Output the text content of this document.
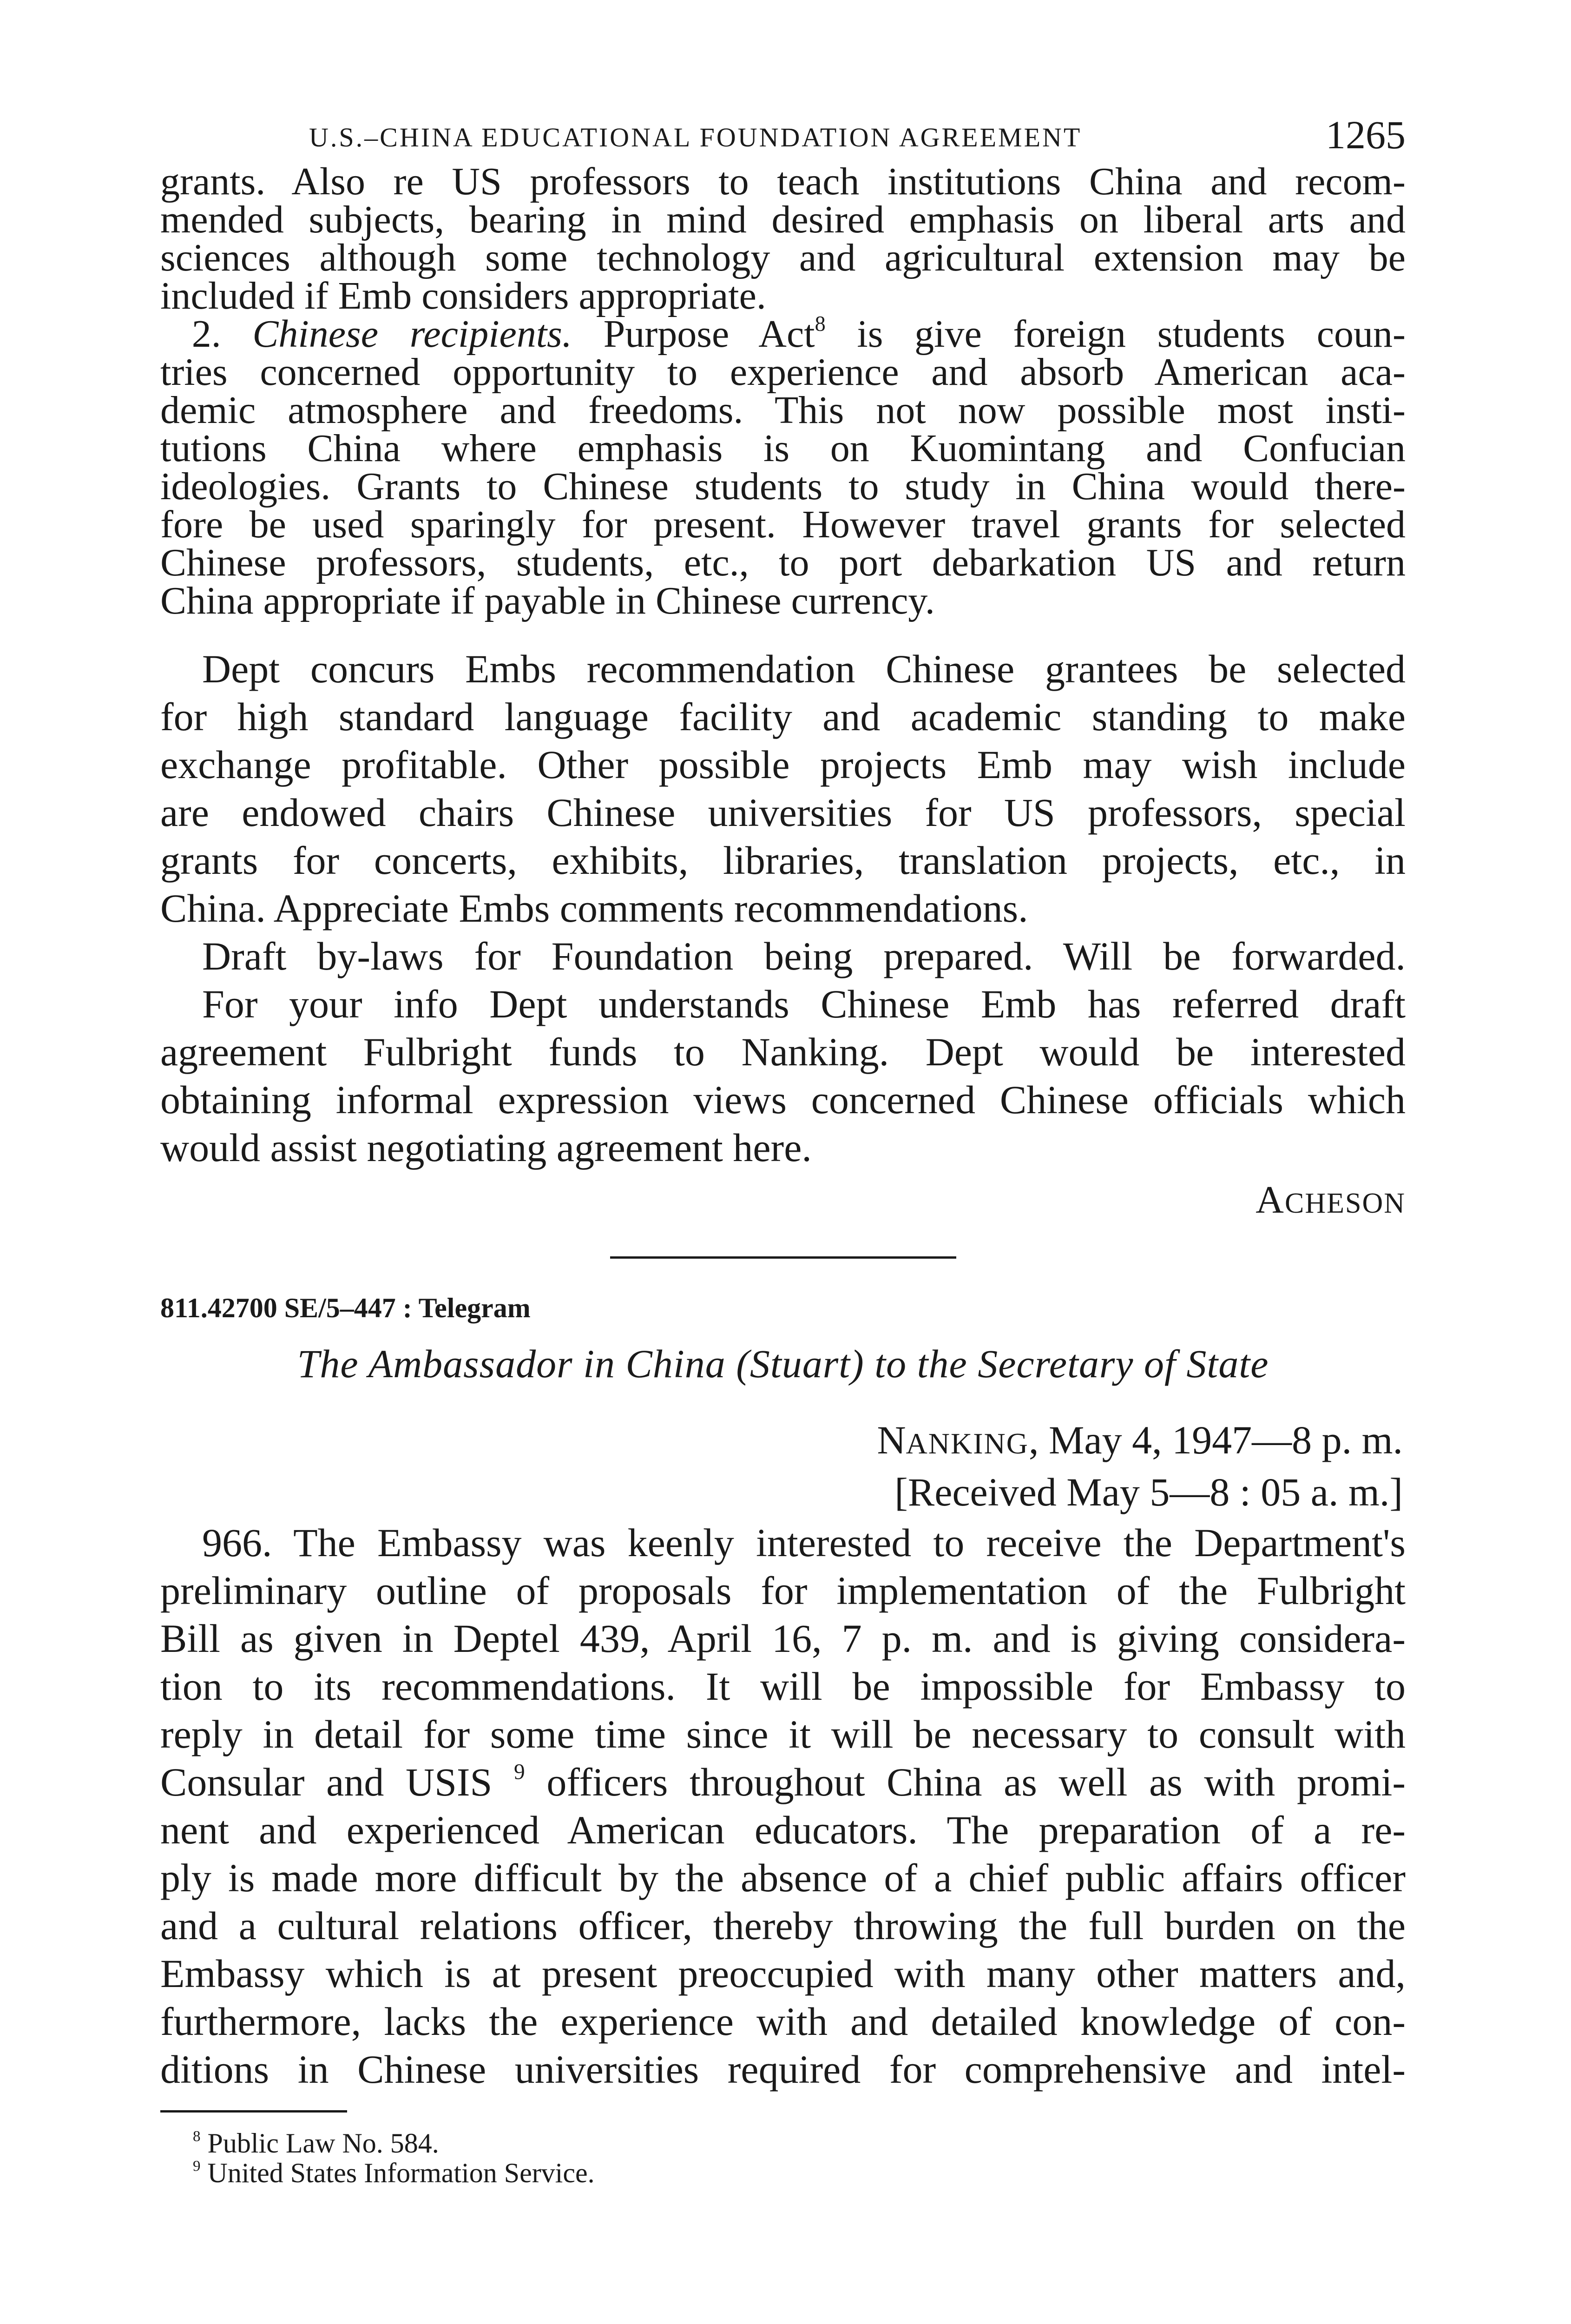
U.S.–CHINA EDUCATIONAL FOUNDATION AGREEMENT	1265
grants. Also re US professors to teach institutions China and recom-
mended subjects, bearing in mind desired emphasis on liberal arts and
sciences although some technology and agricultural extension may be
included if Emb considers appropriate.
2. Chinese recipients. Purpose Act$^8$ is give foreign students coun-
tries concerned opportunity to experience and absorb American aca-
demic atmosphere and freedoms. This not now possible most insti-
tutions China where emphasis is on Kuomintang and Confucian
ideologies. Grants to Chinese students to study in China would there-
fore be used sparingly for present. However travel grants for selected
Chinese professors, students, etc., to port debarkation US and return
China appropriate if payable in Chinese currency.
Dept concurs Embs recommendation Chinese grantees be selected
for high standard language facility and academic standing to make
exchange profitable. Other possible projects Emb may wish include
are endowed chairs Chinese universities for US professors, special
grants for concerts, exhibits, libraries, translation projects, etc., in
China. Appreciate Embs comments recommendations.
Draft by-laws for Foundation being prepared. Will be forwarded.
For your info Dept understands Chinese Emb has referred draft
agreement Fulbright funds to Nanking. Dept would be interested
obtaining informal expression views concerned Chinese officials which
would assist negotiating agreement here.
ACHESON
811.42700 SE/5–447 : Telegram
The Ambassador in China (Stuart) to the Secretary of State
NANKING, May 4, 1947—8 p. m.
[Received May 5—8 : 05 a. m.]
966. The Embassy was keenly interested to receive the Department's
preliminary outline of proposals for implementation of the Fulbright
Bill as given in Deptel 439, April 16, 7 p. m. and is giving considera-
tion to its recommendations. It will be impossible for Embassy to
reply in detail for some time since it will be necessary to consult with
Consular and USIS $^9$ officers throughout China as well as with promi-
nent and experienced American educators. The preparation of a re-
ply is made more difficult by the absence of a chief public affairs officer
and a cultural relations officer, thereby throwing the full burden on the
Embassy which is at present preoccupied with many other matters and,
furthermore, lacks the experience with and detailed knowledge of con-
ditions in Chinese universities required for comprehensive and intel-
$^8$ Public Law No. 584.
$^9$ United States Information Service.
